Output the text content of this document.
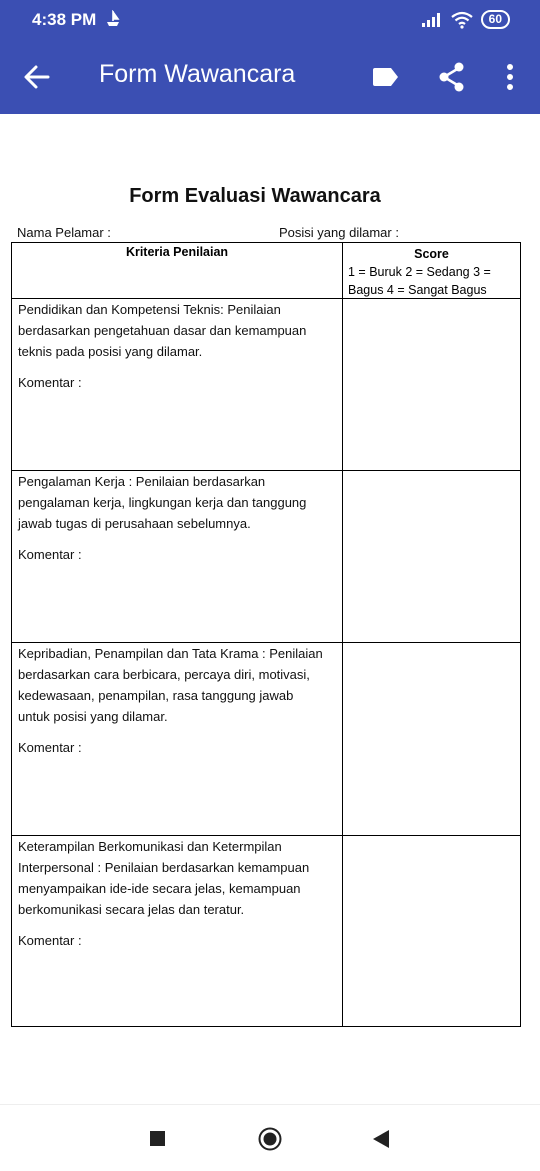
4:38 PM	60
Form Wawancara
Form Evaluasi Wawancara
Nama Pelamar :	Posisi yang dilamar :
Kriteria Penilaian	Score
1 = Buruk 2 = Sedang 3 =
Bagus 4 = Sangat Bagus
Pendidikan dan Kompetensi Teknis: Penilaian
berdasarkan pengetahuan dasar dan kemampuan
teknis pada posisi yang dilamar.
Komentar :
Pengalaman Kerja : Penilaian berdasarkan
pengalaman kerja, lingkungan kerja dan tanggung
jawab tugas di perusahaan sebelumnya.
Komentar :
Kepribadian, Penampilan dan Tata Krama : Penilaian
berdasarkan cara berbicara, percaya diri, motivasi,
kedewasaan, penampilan, rasa tanggung jawab
untuk posisi yang dilamar.
Komentar :
Keterampilan Berkomunikasi dan Ketermpilan
Interpersonal : Penilaian berdasarkan kemampuan
menyampaikan ide-ide secara jelas, kemampuan
berkomunikasi secara jelas dan teratur.
Komentar :
